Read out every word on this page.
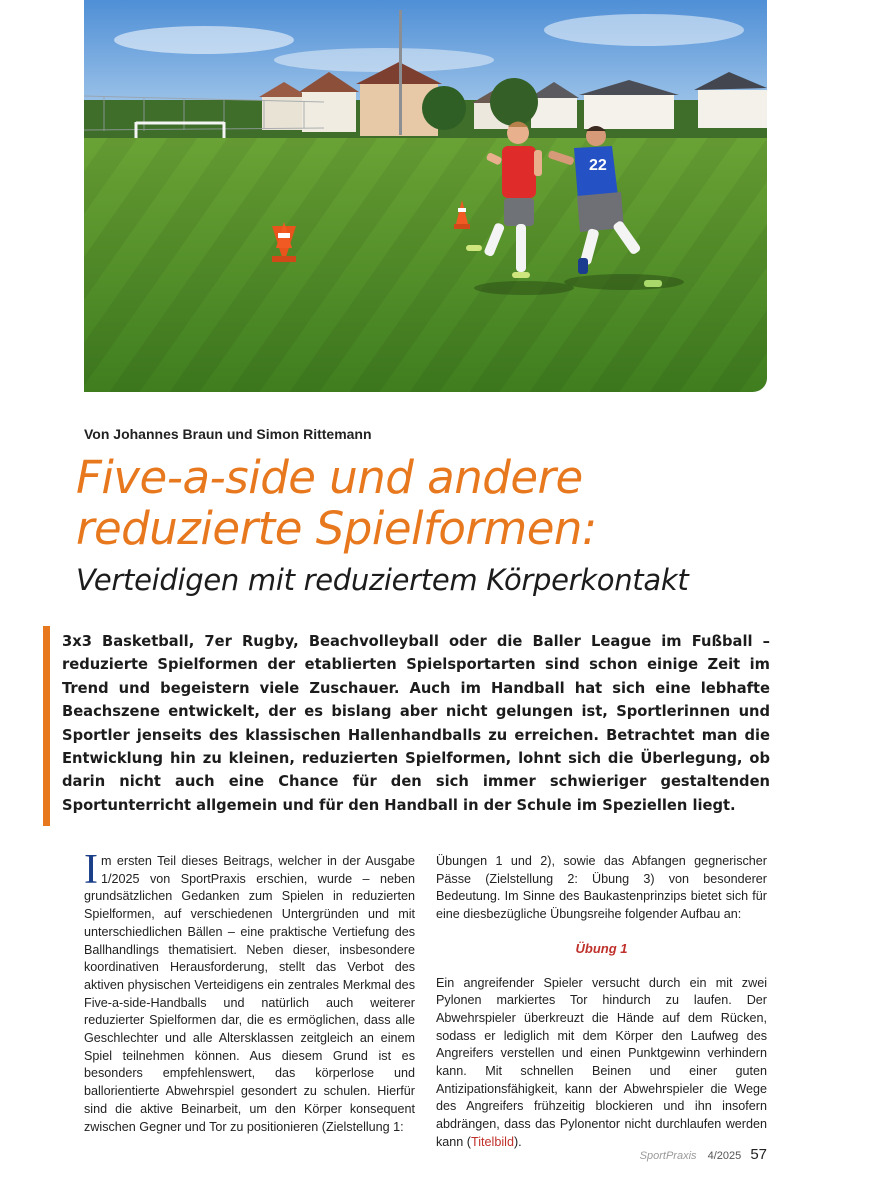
22
Von Johannes Braun und Simon Rittemann
Five-a-side und andere
reduzierte Spielformen:
Verteidigen mit reduziertem Körperkontakt

3x3 Basketball, 7er Rugby, Beachvolleyball oder die Baller League im Fußball – reduzierte Spielformen der etablierten Spielsportarten sind schon einige Zeit im Trend und begeistern viele Zuschauer. Auch im Handball hat sich eine lebhafte Beachszene entwickelt, der es bislang aber nicht gelungen ist, Sportlerinnen und Sportler jenseits des klassischen Hallenhandballs zu erreichen. Betrachtet man die Entwicklung hin zu kleinen, reduzierten Spielformen, lohnt sich die Überlegung, ob darin nicht auch eine Chance für den sich immer schwieriger gestaltenden Sportunterricht allgemein und für den Handball in der Schule im Speziellen liegt.

Im ersten Teil dieses Beitrags, welcher in der Ausgabe 1/2025 von SportPraxis erschien, wurde – neben grundsätzlichen Gedanken zum Spielen in reduzierten Spielformen, auf verschiedenen Untergründen und mit unterschiedlichen Bällen – eine praktische Vertiefung des Ballhandlings thematisiert. Neben dieser, insbesondere koordinativen Herausforderung, stellt das Verbot des aktiven physischen Verteidigens ein zentrales Merkmal des Five-a-side-Handballs und natürlich auch weiterer reduzierter Spielformen dar, die es ermöglichen, dass alle Geschlechter und alle Altersklassen zeitgleich an einem Spiel teilnehmen können. Aus diesem Grund ist es besonders empfehlenswert, das körperlose und ballorientierte Abwehrspiel gesondert zu schulen. Hierfür sind die aktive Beinarbeit, um den Körper konsequent zwischen Gegner und Tor zu positionieren (Zielstellung 1:

Übungen 1 und 2), sowie das Abfangen gegnerischer Pässe (Zielstellung 2: Übung 3) von besonderer Bedeutung. Im Sinne des Baukastenprinzips bietet sich für eine diesbezügliche Übungsreihe folgender Aufbau an:

Übung 1

Ein angreifender Spieler versucht durch ein mit zwei Pylonen markiertes Tor hindurch zu laufen. Der Abwehrspieler überkreuzt die Hände auf dem Rücken, sodass er lediglich mit dem Körper den Laufweg des Angreifers verstellen und einen Punktgewinn verhindern kann. Mit schnellen Beinen und einer guten Antizipationsfähigkeit, kann der Abwehrspieler die Wege des Angreifers frühzeitig blockieren und ihn insofern abdrängen, dass das Pylonentor nicht durchlaufen werden kann (Titelbild).

SportPraxis 4/2025 57
